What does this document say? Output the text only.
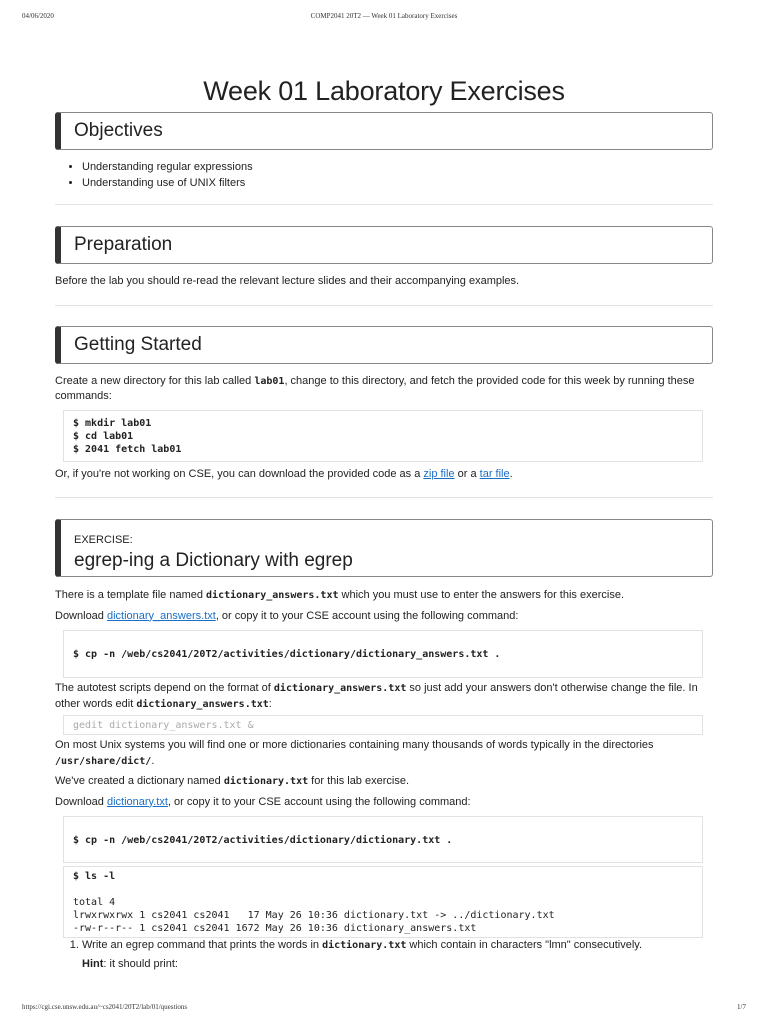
04/06/2020	COMP2041 20T2 — Week 01 Laboratory Exercises
Week 01 Laboratory Exercises
Objectives
• Understanding regular expressions
• Understanding use of UNIX filters
Preparation

Before the lab you should re-read the relevant lecture slides and their accompanying examples.

Getting Started

Create a new directory for this lab called lab01, change to this directory, and fetch the provided code for this week by running these commands:

$ mkdir lab01
$ cd lab01
$ 2041 fetch lab01

Or, if you're not working on CSE, you can download the provided code as a zip file or a tar file.

EXERCISE:
egrep-ing a Dictionary with egrep

There is a template file named dictionary_answers.txt which you must use to enter the answers for this exercise.

Download dictionary_answers.txt, or copy it to your CSE account using the following command:

$ cp -n /web/cs2041/20T2/activities/dictionary/dictionary_answers.txt .

The autotest scripts depend on the format of dictionary_answers.txt so just add your answers don't otherwise change the file. In other words edit dictionary_answers.txt:

gedit dictionary_answers.txt &

On most Unix systems you will find one or more dictionaries containing many thousands of words typically in the directories /usr/share/dict/.

We've created a dictionary named dictionary.txt for this lab exercise.

Download dictionary.txt, or copy it to your CSE account using the following command:

$ cp -n /web/cs2041/20T2/activities/dictionary/dictionary.txt .
$ ls -l
total 4
lrwxrwxrwx 1 cs2041 cs2041   17 May 26 10:36 dictionary.txt -> ../dictionary.txt
-rw-r--r-- 1 cs2041 cs2041 1672 May 26 10:36 dictionary_answers.txt
1. Write an egrep command that prints the words in dictionary.txt which contain in characters "lmn" consecutively.
Hint: it should print:
https://cgi.cse.unsw.edu.au/~cs2041/20T2/lab/01/questions	1/7
